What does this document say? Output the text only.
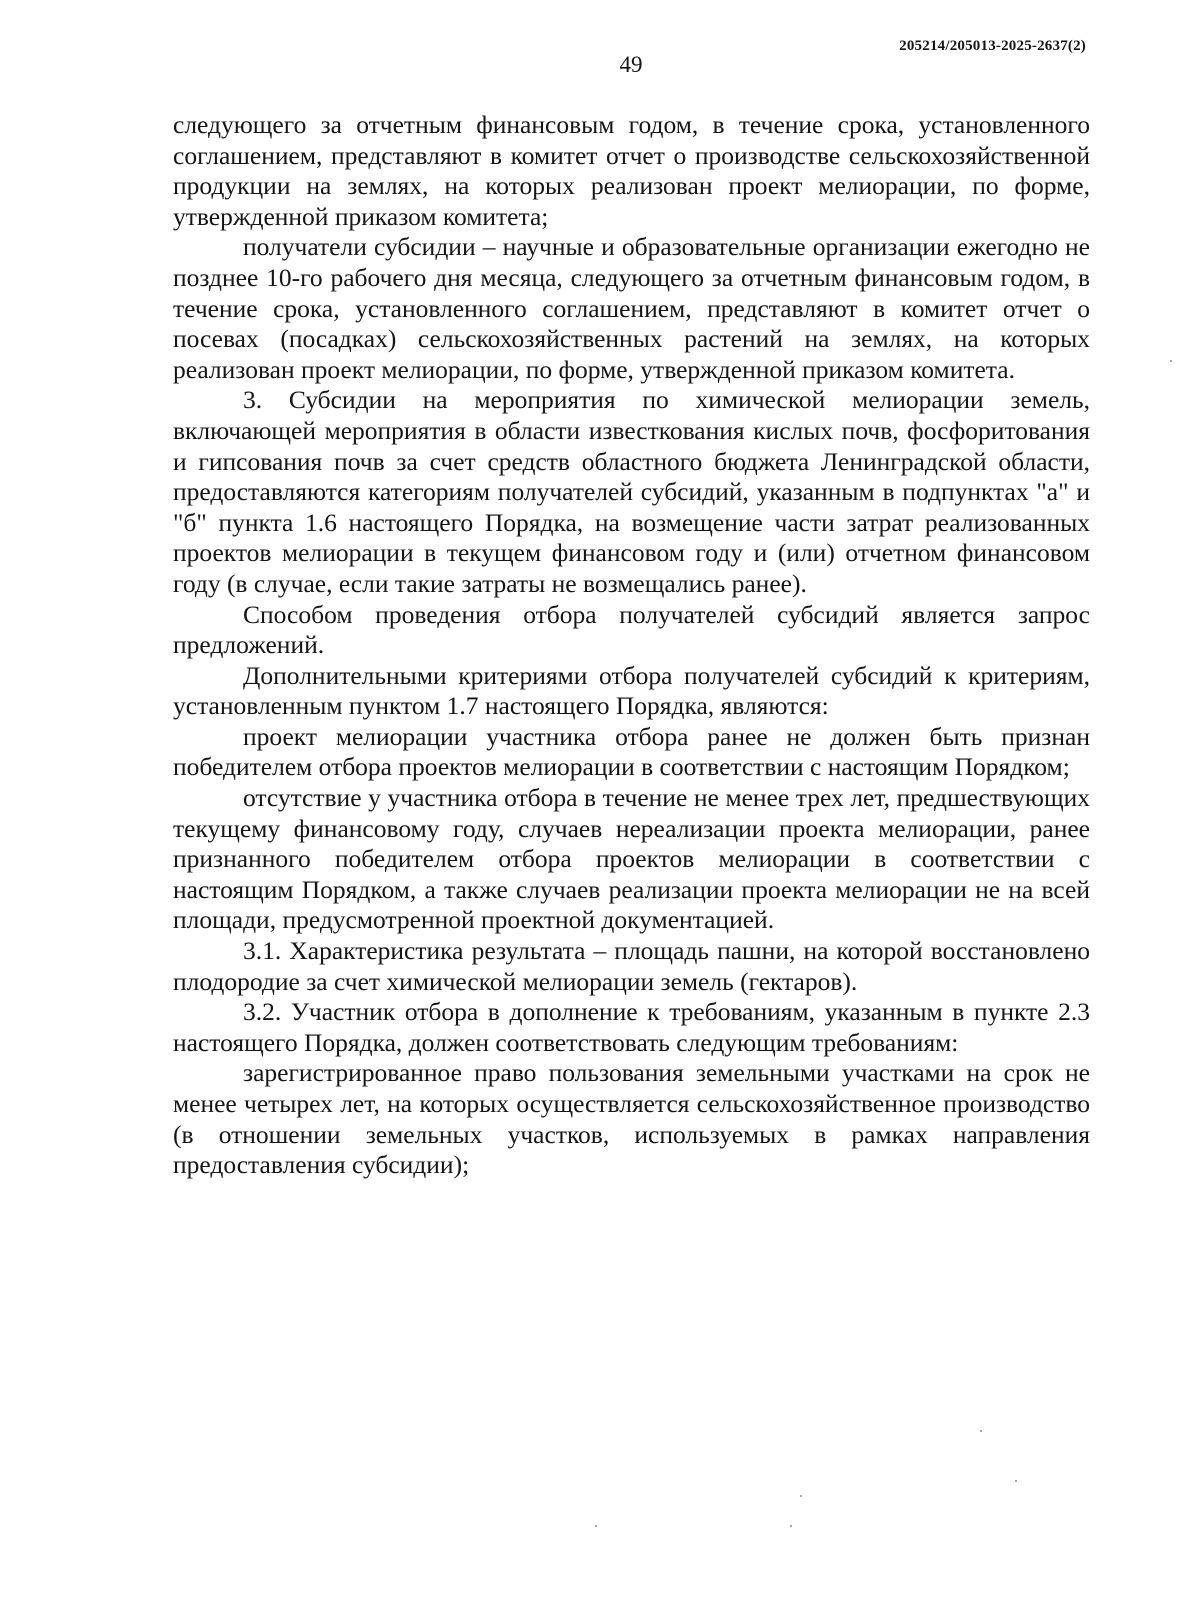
205214/205013-2025-2637(2)
49

следующего за отчетным финансовым годом, в течение срока, установленного соглашением, представляют в комитет отчет о производстве сельскохозяйственной продукции на землях, на которых реализован проект мелиорации, по форме, утвержденной приказом комитета;

получатели субсидии – научные и образовательные организации ежегодно не позднее 10-го рабочего дня месяца, следующего за отчетным финансовым годом, в течение срока, установленного соглашением, представляют в комитет отчет о посевах (посадках) сельскохозяйственных растений на землях, на которых реализован проект мелиорации, по форме, утвержденной приказом комитета.

3. Субсидии на мероприятия по химической мелиорации земель, включающей мероприятия в области известкования кислых почв, фосфоритования и гипсования почв за счет средств областного бюджета Ленинградской области, предоставляются категориям получателей субсидий, указанным в подпунктах "а" и "б" пункта 1.6 настоящего Порядка, на возмещение части затрат реализованных проектов мелиорации в текущем финансовом году и (или) отчетном финансовом году (в случае, если такие затраты не возмещались ранее).

Способом проведения отбора получателей субсидий является запрос предложений.

Дополнительными критериями отбора получателей субсидий к критериям, установленным пунктом 1.7 настоящего Порядка, являются:

проект мелиорации участника отбора ранее не должен быть признан победителем отбора проектов мелиорации в соответствии с настоящим Порядком;

отсутствие у участника отбора в течение не менее трех лет, предшествующих текущему финансовому году, случаев нереализации проекта мелиорации, ранее признанного победителем отбора проектов мелиорации в соответствии с настоящим Порядком, а также случаев реализации проекта мелиорации не на всей площади, предусмотренной проектной документацией.

3.1. Характеристика результата – площадь пашни, на которой восстановлено плодородие за счет химической мелиорации земель (гектаров).

3.2. Участник отбора в дополнение к требованиям, указанным в пункте 2.3 настоящего Порядка, должен соответствовать следующим требованиям:

зарегистрированное право пользования земельными участками на срок не менее четырех лет, на которых осуществляется сельскохозяйственное производство (в отношении земельных участков, используемых в рамках направления предоставления субсидии);
